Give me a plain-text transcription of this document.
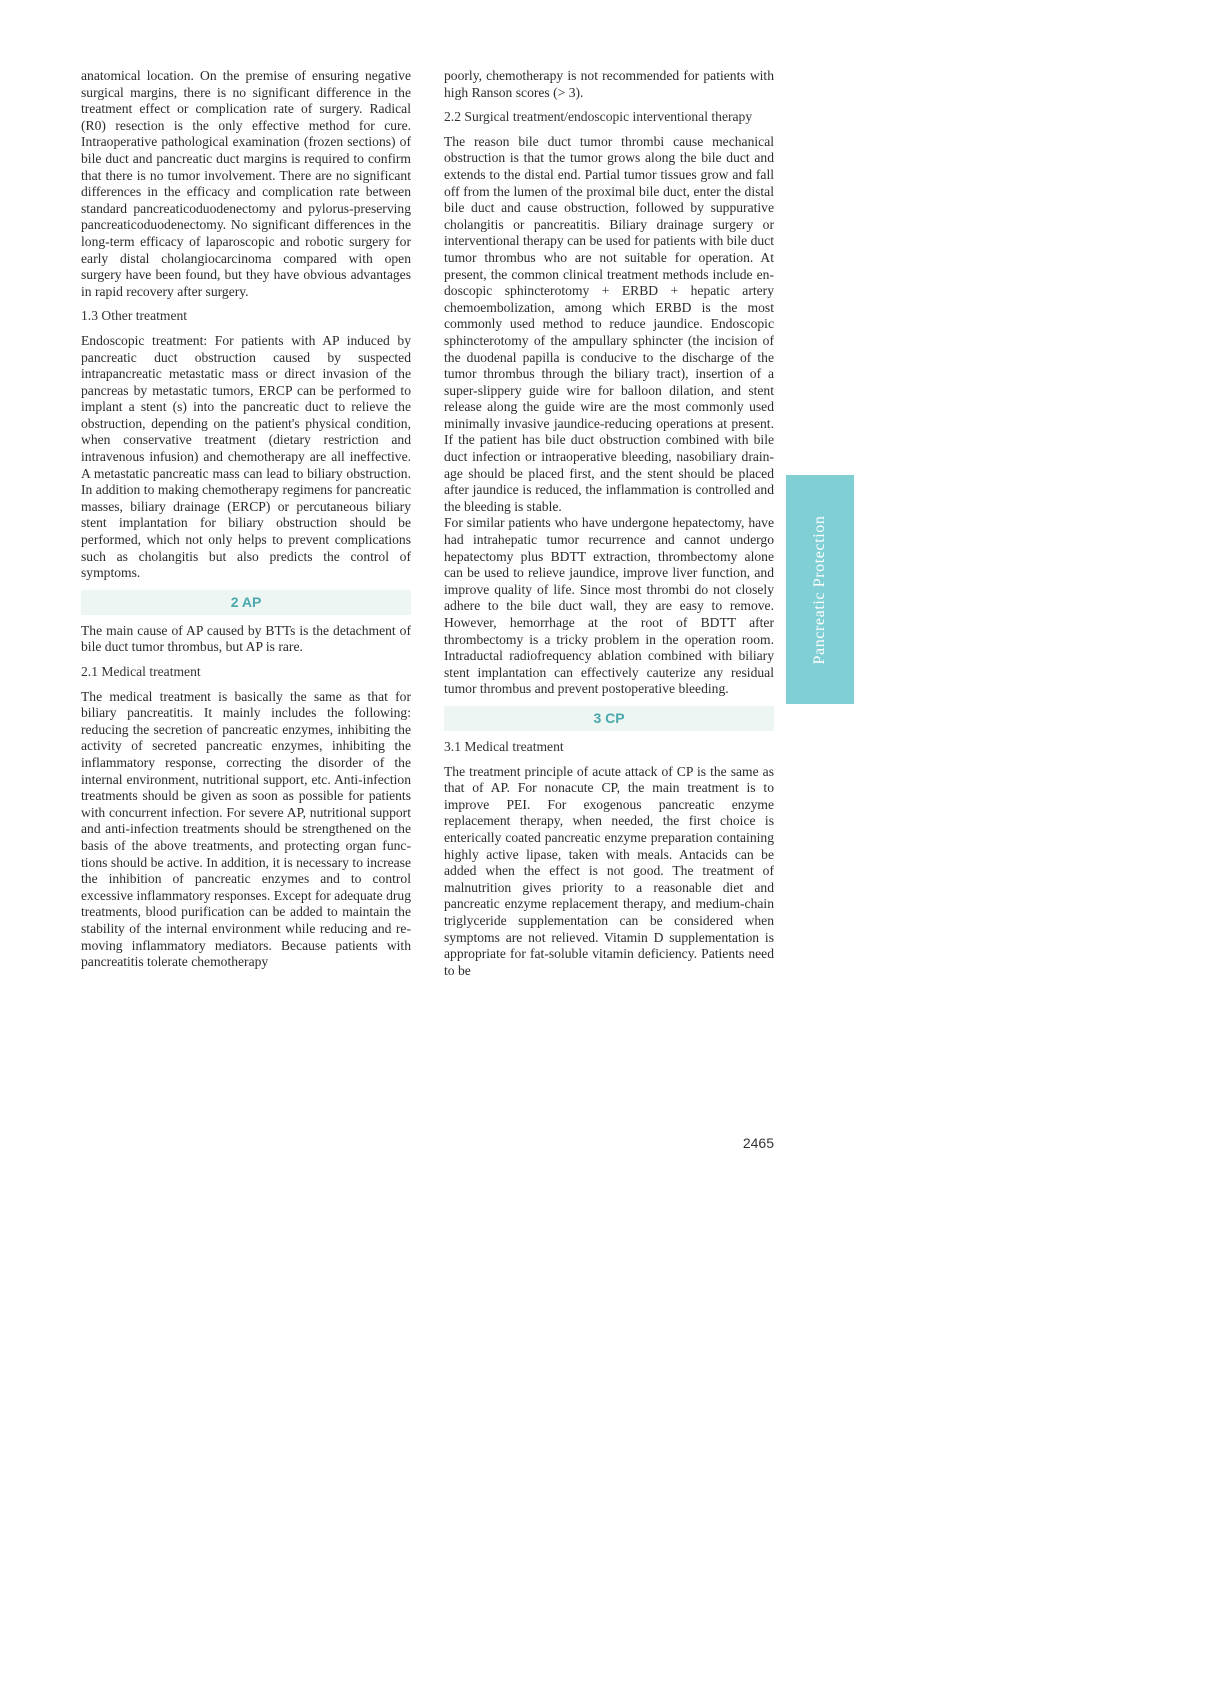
anatomical location. On the premise of ensuring negative surgical margins, there is no significant difference in the treatment effect or complication rate of surgery. Radical (R0) resection is the only effective method for cure. Intraoperative pathological examination (frozen sections) of bile duct and pancreatic duct margins is required to confirm that there is no tumor involvement. There are no significant differences in the efficacy and complication rate between standard pancreaticoduodenectomy and pylorus-preserving pancreaticoduodenectomy. No significant differences in the long-term efficacy of laparoscopic and robotic surgery for early distal cholangiocarcinoma compared with open surgery have been found, but they have obvious advantages in rapid recovery after surgery.

1.3 Other treatment

Endoscopic treatment: For patients with AP induced by pancreatic duct obstruction caused by suspected intrapancreatic metastatic mass or direct invasion of the pancreas by metastatic tumors, ERCP can be performed to implant a stent (s) into the pancreatic duct to relieve the obstruction, depending on the patient's physical condition, when conservative treatment (dietary restriction and intravenous infusion) and chemotherapy are all ineffective. A metastatic pancreatic mass can lead to biliary obstruction. In addition to making chemotherapy regimens for pancreatic masses, biliary drainage (ERCP) or percutaneous biliary stent implantation for biliary obstruction should be performed, which not only helps to prevent complications such as cholangitis but also predicts the control of symptoms.

2 AP

The main cause of AP caused by BTTs is the detachment of bile duct tumor thrombus, but AP is rare.

2.1 Medical treatment

The medical treatment is basically the same as that for biliary pancreatitis. It mainly includes the following: reducing the secretion of pancreatic enzymes, inhibiting the activity of secreted pancreatic enzymes, inhibiting the inflammatory response, correcting the disorder of the internal environment, nutritional support, etc. Anti-infection treatments should be given as soon as possible for patients with concurrent infection. For severe AP, nutritional support and anti-infection treatments should be strengthened on the basis of the above treatments, and protecting organ functions should be active. In addition, it is necessary to increase the inhibition of pancreatic enzymes and to control excessive inflammatory responses. Except for adequate drug treatments, blood purification can be added to maintain the stability of the internal environment while reducing and removing inflammatory mediators. Because patients with pancreatitis tolerate chemotherapy

poorly, chemotherapy is not recommended for patients with high Ranson scores (> 3).

2.2 Surgical treatment/endoscopic interventional therapy

The reason bile duct tumor thrombi cause mechanical obstruction is that the tumor grows along the bile duct and extends to the distal end. Partial tumor tissues grow and fall off from the lumen of the proximal bile duct, enter the distal bile duct and cause obstruction, followed by suppurative cholangitis or pancreatitis. Biliary drainage surgery or interventional therapy can be used for patients with bile duct tumor thrombus who are not suitable for operation. At present, the common clinical treatment methods include endoscopic sphincterotomy + ERBD + hepatic artery chemoembolization, among which ERBD is the most commonly used method to reduce jaundice. Endoscopic sphincterotomy of the ampullary sphincter (the incision of the duodenal papilla is conducive to the discharge of the tumor thrombus through the biliary tract), insertion of a super-slippery guide wire for balloon dilation, and stent release along the guide wire are the most commonly used minimally invasive jaundice-reducing operations at present. If the patient has bile duct obstruction combined with bile duct infection or intraoperative bleeding, nasobiliary drainage should be placed first, and the stent should be placed after jaundice is reduced, the inflammation is controlled and the bleeding is stable.

For similar patients who have undergone hepatectomy, have had intrahepatic tumor recurrence and cannot undergo hepatectomy plus BDTT extraction, thrombectomy alone can be used to relieve jaundice, improve liver function, and improve quality of life. Since most thrombi do not closely adhere to the bile duct wall, they are easy to remove. However, hemorrhage at the root of BDTT after thrombectomy is a tricky problem in the operation room. Intraductal radiofrequency ablation combined with biliary stent implantation can effectively cauterize any residual tumor thrombus and prevent postoperative bleeding.

3 CP
3.1 Medical treatment

The treatment principle of acute attack of CP is the same as that of AP. For nonacute CP, the main treatment is to improve PEI. For exogenous pancreatic enzyme replacement therapy, when needed, the first choice is enterically coated pancreatic enzyme preparation containing highly active lipase, taken with meals. Antacids can be added when the effect is not good. The treatment of malnutrition gives priority to a reasonable diet and pancreatic enzyme replacement therapy, and medium-chain triglyceride supplementation can be considered when symptoms are not relieved. Vitamin D supplementation is appropriate for fat-soluble vitamin deficiency. Patients need to be

Pancreatic Protection
2465
